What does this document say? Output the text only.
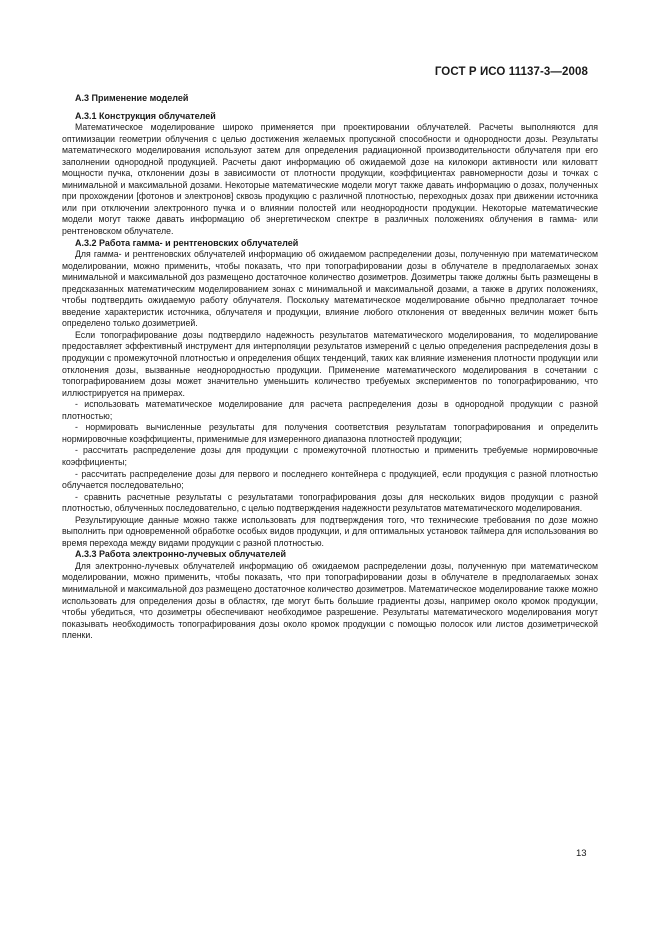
ГОСТ Р ИСО 11137-3—2008

А.3 Применение моделей

А.3.1 Конструкция облучателей

Математическое моделирование широко применяется при проектировании облучателей. Расчеты выполняются для оптимизации геометрии облучения с целью достижения желаемых пропускной способности и однородности дозы. Результаты математического моделирования используют затем для определения радиационной производительности облучателя при его заполнении однородной продукцией. Расчеты дают информацию об ожидаемой дозе на килокюри активности или киловатт мощности пучка, отклонении дозы в зависимости от плотности продукции, коэффициентах равномерности дозы и точках с минимальной и максимальной дозами. Некоторые математические модели могут также давать информацию о дозах, полученных при прохождении [фотонов и электронов] сквозь продукцию с различной плотностью, переходных дозах при движении источника или при отключении электронного пучка и о влиянии полостей или неоднородности продукции. Некоторые математические модели могут также давать информацию об энергетическом спектре в различных положениях облучения в гамма- или рентгеновском облучателе.

А.3.2 Работа гамма- и рентгеновских облучателей

Для гамма- и рентгеновских облучателей информацию об ожидаемом распределении дозы, полученную при математическом моделировании, можно применить, чтобы показать, что при топографировании дозы в облучателе в предполагаемых зонах минимальной и максимальной доз размещено достаточное количество дозиметров. Дозиметры также должны быть размещены в предсказанных математическим моделированием зонах с минимальной и максимальной дозами, а также в других положениях, чтобы подтвердить ожидаемую работу облучателя. Поскольку математическое моделирование обычно предполагает точное введение характеристик источника, облучателя и продукции, влияние любого отклонения от введенных величин может быть определено только дозиметрией.

Если топографирование дозы подтвердило надежность результатов математического моделирования, то моделирование предоставляет эффективный инструмент для интерполяции результатов измерений с целью определения распределения дозы в продукции с промежуточной плотностью и определения общих тенденций, таких как влияние изменения плотности продукции или отклонения дозы, вызванные неоднородностью продукции. Применение математического моделирования в сочетании с топографированием дозы может значительно уменьшить количество требуемых экспериментов по топографированию, что иллюстрируется на примерах.

- использовать математическое моделирование для расчета распределения дозы в однородной продукции с разной плотностью;

- нормировать вычисленные результаты для получения соответствия результатам топографирования и определить нормировочные коэффициенты, применимые для измеренного диапазона плотностей продукции;

- рассчитать распределение дозы для продукции с промежуточной плотностью и применить требуемые нормировочные коэффициенты;

- рассчитать распределение дозы для первого и последнего контейнера с продукцией, если продукция с разной плотностью облучается последовательно;

- сравнить расчетные результаты с результатами топографирования дозы для нескольких видов продукции с разной плотностью, облученных последовательно, с целью подтверждения надежности результатов математического моделирования.

Результирующие данные можно также использовать для подтверждения того, что технические требования по дозе можно выполнить при одновременной обработке особых видов продукции, и для оптимальных установок таймера для использования во время перехода между видами продукции с разной плотностью.

А.3.3 Работа электронно-лучевых облучателей

Для электронно-лучевых облучателей информацию об ожидаемом распределении дозы, полученную при математическом моделировании, можно применить, чтобы показать, что при топографировании дозы в облучателе в предполагаемых зонах минимальной и максимальной доз размещено достаточное количество дозиметров. Математическое моделирование также можно использовать для определения дозы в областях, где могут быть большие градиенты дозы, например около кромок продукции, чтобы убедиться, что дозиметры обеспечивают необходимое разрешение. Результаты математического моделирования могут показывать необходимость топографирования дозы около кромок продукции с помощью полосок или листов дозиметрической пленки.

13
